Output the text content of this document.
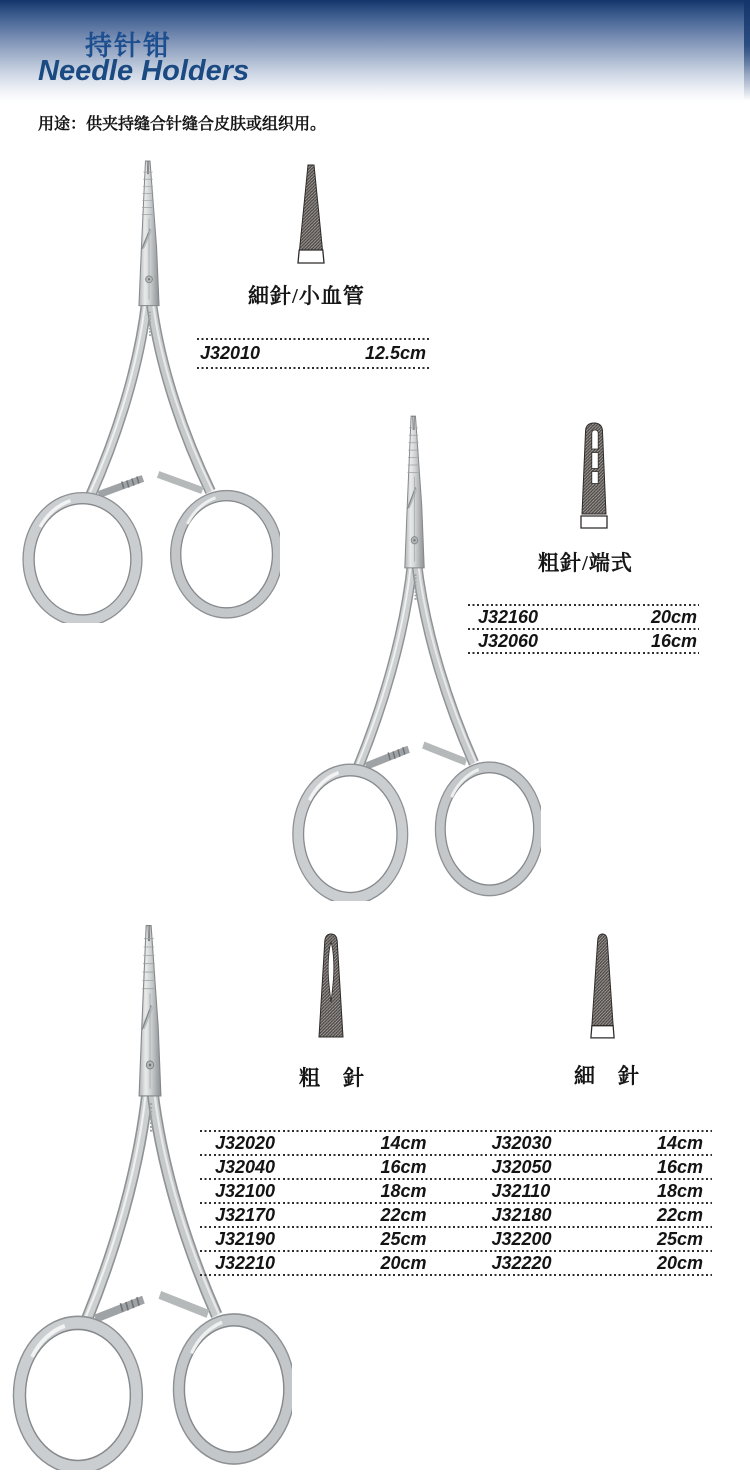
持针钳
Needle Holders
用途：供夹持缝合针缝合皮肤或组织用。
細針/小血管
粗針/端式
粗　針	細　針
J32010	12.5cm
J32160	20cm
J32060	16cm
J32020	14cm	J32030	14cm
J32040	16cm	J32050	16cm
J32100	18cm	J32110	18cm
J32170	22cm	J32180	22cm
J32190	25cm	J32200	25cm
J32210	20cm	J32220	20cm
